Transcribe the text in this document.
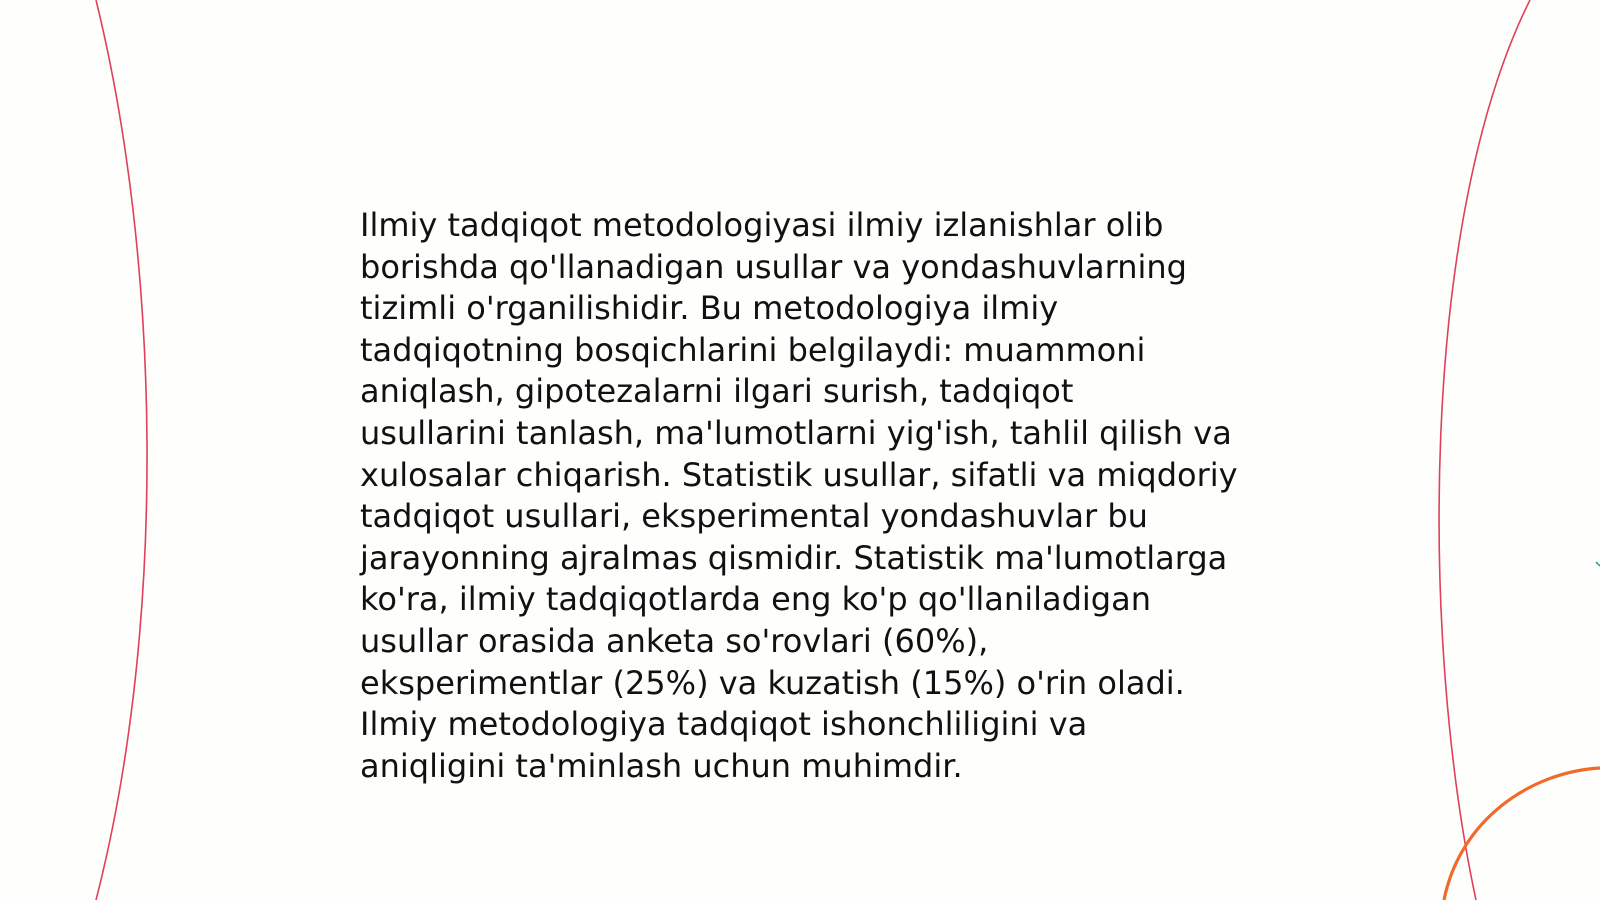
Ilmiy tadqiqot metodologiyasi ilmiy izlanishlar olib
borishda qo'llanadigan usullar va yondashuvlarning
tizimli o'rganilishidir. Bu metodologiya ilmiy
tadqiqotning bosqichlarini belgilaydi: muammoni
aniqlash, gipotezalarni ilgari surish, tadqiqot
usullarini tanlash, ma'lumotlarni yig'ish, tahlil qilish va
xulosalar chiqarish. Statistik usullar, sifatli va miqdoriy
tadqiqot usullari, eksperimental yondashuvlar bu
jarayonning ajralmas qismidir. Statistik ma'lumotlarga
ko'ra, ilmiy tadqiqotlarda eng ko'p qo'llaniladigan
usullar orasida anketa so'rovlari (60%),
eksperimentlar (25%) va kuzatish (15%) o'rin oladi.
Ilmiy metodologiya tadqiqot ishonchliligini va
aniqligini ta'minlash uchun muhimdir.
